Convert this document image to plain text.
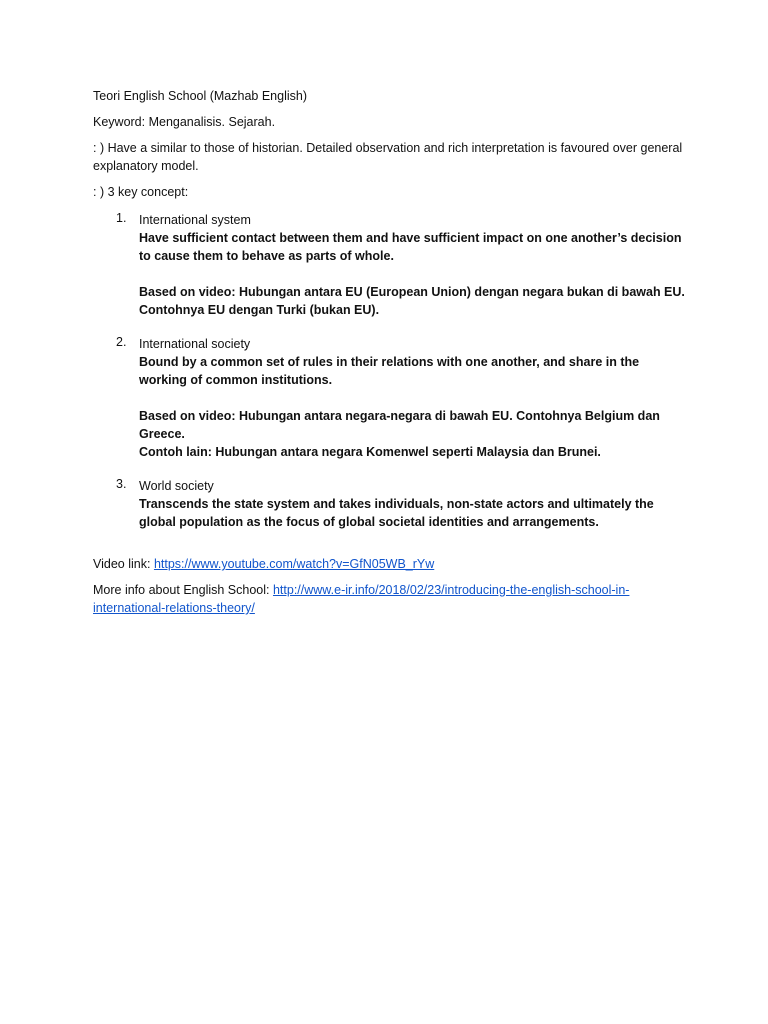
Teori English School (Mazhab English)

Keyword: Menganalisis. Sejarah.

: ) Have a similar to those of historian. Detailed observation and rich interpretation is favoured over general explanatory model.

: ) 3 key concept:

1.	International system

Have sufficient contact between them and have sufficient impact on one another’s decision to cause them to behave as parts of whole.

Based on video: Hubungan antara EU (European Union) dengan negara bukan di bawah EU. Contohnya EU dengan Turki (bukan EU).

2.	International society

Bound by a common set of rules in their relations with one another, and share in the working of common institutions.

Based on video: Hubungan antara negara-negara di bawah EU. Contohnya Belgium dan Greece.

Contoh lain: Hubungan antara negara Komenwel seperti Malaysia dan Brunei.

3.	World society

Transcends the state system and takes individuals, non-state actors and ultimately the global population as the focus of global societal identities and arrangements.

Video link: https://www.youtube.com/watch?v=GfN05WB_rYw

More info about English School: http://www.e-ir.info/2018/02/23/introducing-the-english-school-in-international-relations-theory/
